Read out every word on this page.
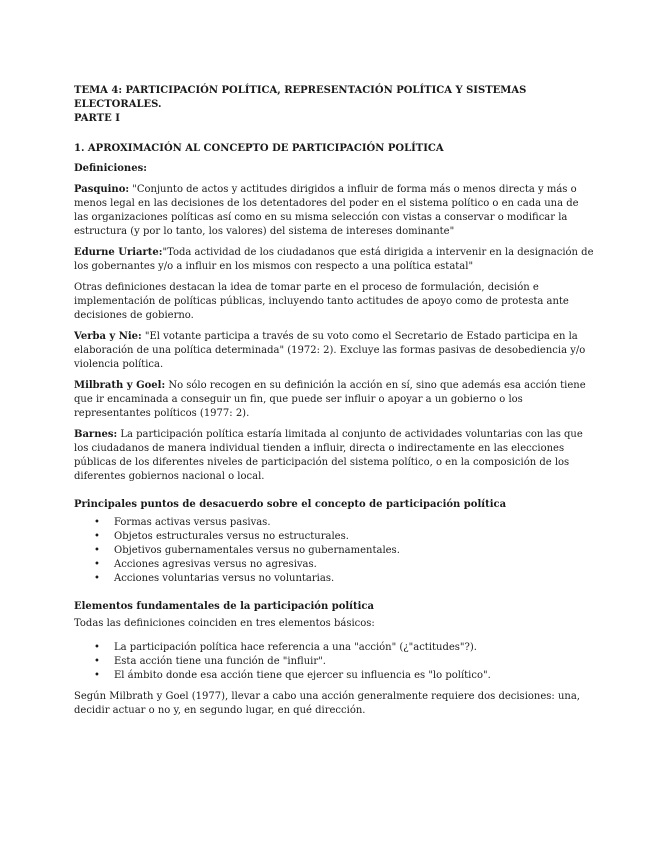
TEMA 4: PARTICIPACIÓN POLÍTICA, REPRESENTACIÓN POLÍTICA Y SISTEMAS ELECTORALES.
PARTE I

1. APROXIMACIÓN AL CONCEPTO DE PARTICIPACIÓN POLÍTICA
Definiciones:
Pasquino: "Conjunto de actos y actitudes dirigidos a influir de forma más o menos directa y más o menos legal en las decisiones de los detentadores del poder en el sistema político o en cada una de las organizaciones políticas así como en su misma selección con vistas a conservar o modificar la estructura (y por lo tanto, los valores) del sistema de intereses dominante"
Edurne Uriarte:"Toda actividad de los ciudadanos que está dirigida a intervenir en la designación de los gobernantes y/o a influir en los mismos con respecto a una política estatal"
Otras definiciones destacan la idea de tomar parte en el proceso de formulación, decisión e implementación de políticas públicas, incluyendo tanto actitudes de apoyo como de protesta ante decisiones de gobierno.
Verba y Nie: "El votante participa a través de su voto como el Secretario de Estado participa en la elaboración de una política determinada" (1972: 2). Excluye las formas pasivas de desobediencia y/o violencia política.
Milbrath y Goel: No sólo recogen en su definición la acción en sí, sino que además esa acción tiene que ir encaminada a conseguir un fin, que puede ser influir o apoyar a un gobierno o los representantes políticos (1977: 2).
Barnes: La participación política estaría limitada al conjunto de actividades voluntarias con las que los ciudadanos de manera individual tienden a influir, directa o indirectamente en las elecciones públicas de los diferentes niveles de participación del sistema político, o en la composición de los diferentes gobiernos nacional o local.
Principales puntos de desacuerdo sobre el concepto de participación política
• Formas activas versus pasivas.
• Objetos estructurales versus no estructurales.
• Objetivos gubernamentales versus no gubernamentales.
• Acciones agresivas versus no agresivas.
• Acciones voluntarias versus no voluntarias.
Elementos fundamentales de la participación política
Todas las definiciones coinciden en tres elementos básicos:
• La participación política hace referencia a una "acción" (¿"actitudes"?).
• Esta acción tiene una función de "influir".
• El ámbito donde esa acción tiene que ejercer su influencia es "lo político".
Según Milbrath y Goel (1977), llevar a cabo una acción generalmente requiere dos decisiones: una, decidir actuar o no y, en segundo lugar, en qué dirección.
